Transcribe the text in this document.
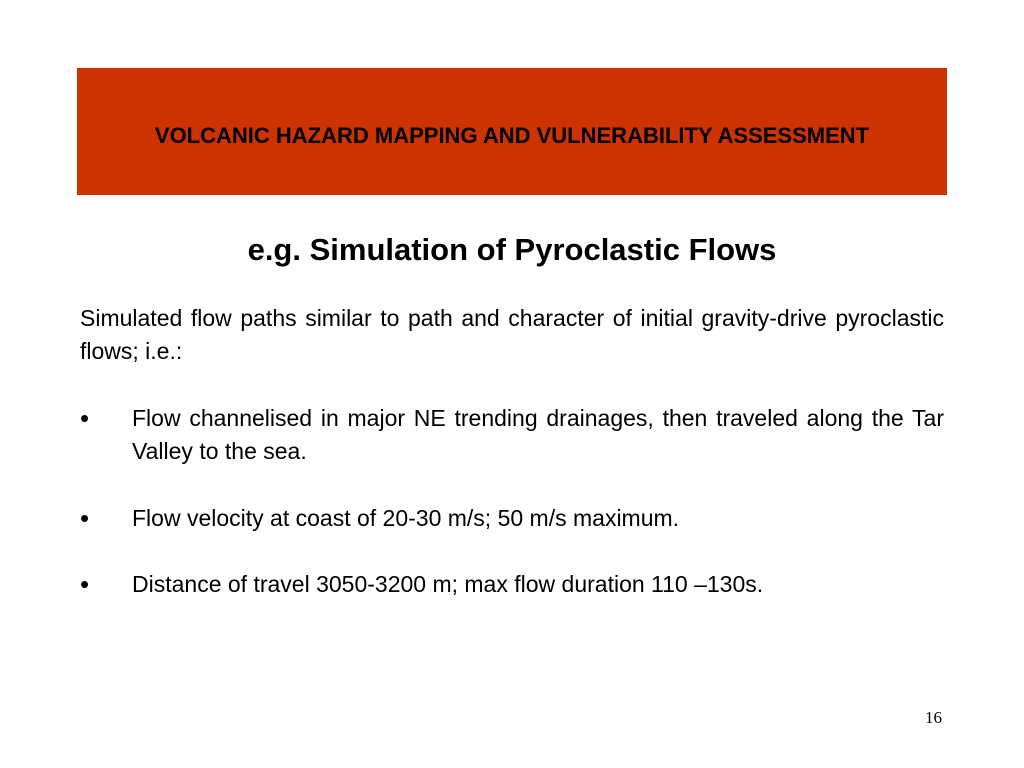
VOLCANIC HAZARD MAPPING AND VULNERABILITY ASSESSMENT
e.g. Simulation of Pyroclastic Flows
Simulated flow paths similar to path and character of initial gravity-drive pyroclastic flows; i.e.:
• Flow channelised in major NE trending drainages, then traveled along the Tar Valley to the sea.
• Flow velocity at coast of 20-30 m/s; 50 m/s maximum.
• Distance of travel 3050-3200 m; max flow duration 110 –130s.
16
